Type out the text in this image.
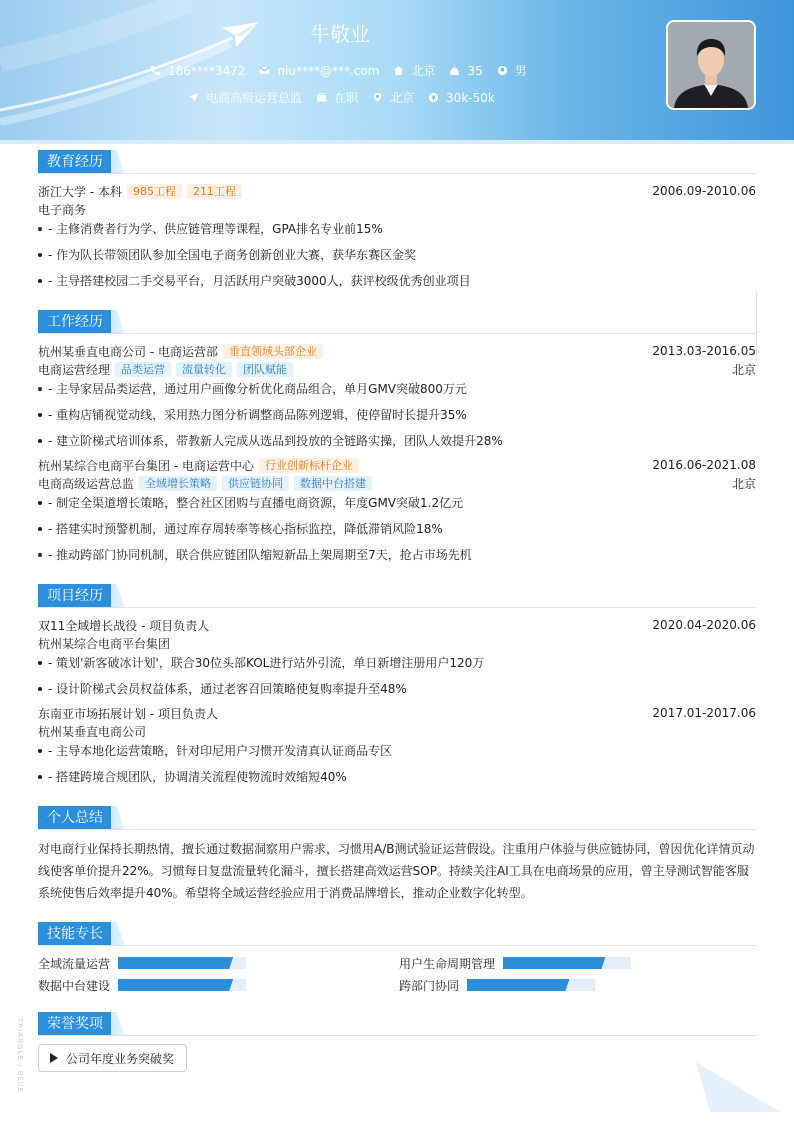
牛敬业
186****3472	niu****@***.com	北京	35	男
电商高级运营总监	在职	北京	30k-50k
教育经历
浙江大学 - 本科	985工程	211工程	2006.09-2010.06
电子商务
- 主修消费者行为学、供应链管理等课程，GPA排名专业前15%
- 作为队长带领团队参加全国电子商务创新创业大赛，获华东赛区金奖
- 主导搭建校园二手交易平台，月活跃用户突破3000人，获评校级优秀创业项目
工作经历
杭州某垂直电商公司 - 电商运营部	垂直领域头部企业	2013.03-2016.05
电商运营经理	品类运营	流量转化	团队赋能	北京
- 主导家居品类运营，通过用户画像分析优化商品组合，单月GMV突破800万元
- 重构店铺视觉动线，采用热力图分析调整商品陈列逻辑，使停留时长提升35%
- 建立阶梯式培训体系，带教新人完成从选品到投放的全链路实操，团队人效提升28%
杭州某综合电商平台集团 - 电商运营中心	行业创新标杆企业	2016.06-2021.08
电商高级运营总监	全域增长策略	供应链协同	数据中台搭建	北京
- 制定全渠道增长策略，整合社区团购与直播电商资源，年度GMV突破1.2亿元
- 搭建实时预警机制，通过库存周转率等核心指标监控，降低滞销风险18%
- 推动跨部门协同机制，联合供应链团队缩短新品上架周期至7天，抢占市场先机
项目经历
双11全域增长战役 - 项目负责人	2020.04-2020.06
杭州某综合电商平台集团
- 策划'新客破冰计划'，联合30位头部KOL进行站外引流，单日新增注册用户120万
- 设计阶梯式会员权益体系，通过老客召回策略使复购率提升至48%
东南亚市场拓展计划 - 项目负责人	2017.01-2017.06
杭州某垂直电商公司
- 主导本地化运营策略，针对印尼用户习惯开发清真认证商品专区
- 搭建跨境合规团队，协调清关流程使物流时效缩短40%
个人总结
对电商行业保持长期热情，擅长通过数据洞察用户需求，习惯用A/B测试验证运营假设。注重用户体验与供应链协同，曾因优化详情页动线使客单价提升22%。习惯每日复盘流量转化漏斗，擅长搭建高效运营SOP。持续关注AI工具在电商场景的应用，曾主导测试智能客服系统使售后效率提升40%。希望将全域运营经验应用于消费品牌增长，推动企业数字化转型。
技能专长
全域流量运营	用户生命周期管理
数据中台建设	跨部门协同
荣誉奖项
公司年度业务突破奖
TRIANGLE / BLUE
